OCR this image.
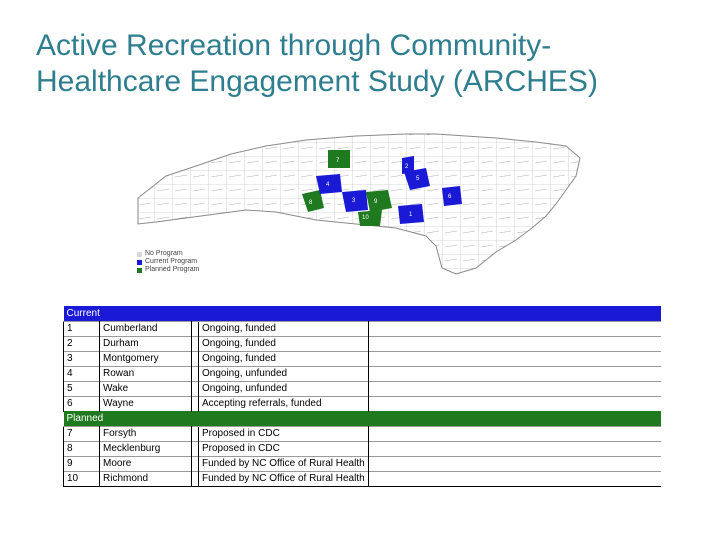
Active Recreation through Community-
Healthcare Engagement Study (ARCHES)
7
2
5
4
8	3	9
6
10	1
No Program
Current Program
Planned Program
Current				
1	Cumberland		Ongoing, funded	
2	Durham		Ongoing, funded	
3	Montgomery		Ongoing, funded	
4	Rowan		Ongoing, unfunded	
5	Wake		Ongoing, unfunded	
6	Wayne		Accepting referrals, funded	
Planned				
7	Forsyth		Proposed in CDC	
8	Mecklenburg		Proposed in CDC	
9	Moore		Funded by NC Office of Rural Health	
10	Richmond		Funded by NC Office of Rural Health	
